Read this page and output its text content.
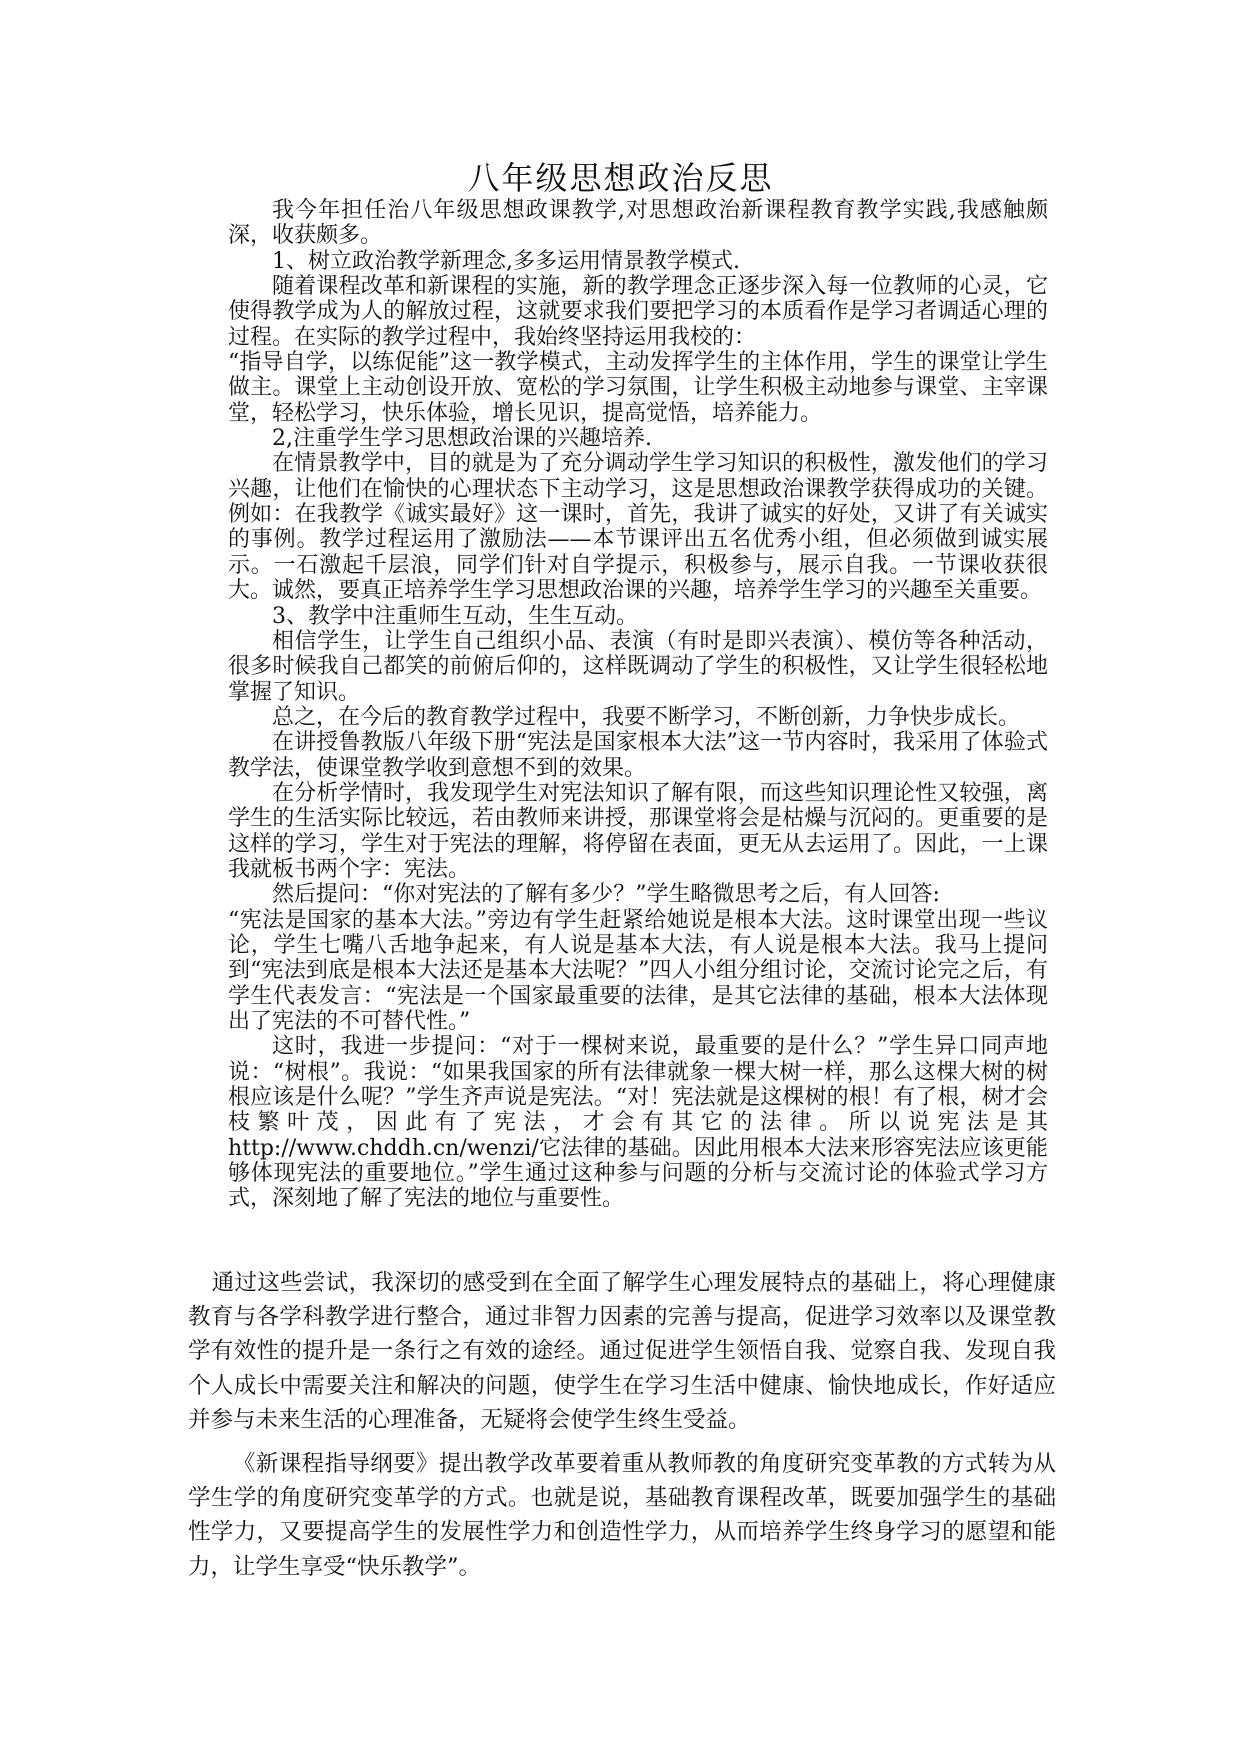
八年级思想政治反思

我今年担任治八年级思想政课教学,对思想政治新课程教育教学实践,我感触颇深，收获颇多。

1、树立政治教学新理念,多多运用情景教学模式.

随着课程改革和新课程的实施，新的教学理念正逐步深入每一位教师的心灵，它使得教学成为人的解放过程，这就要求我们要把学习的本质看作是学习者调适心理的过程。在实际的教学过程中，我始终坚持运用我校的：

“指导自学，以练促能”这一教学模式，主动发挥学生的主体作用，学生的课堂让学生做主。课堂上主动创设开放、宽松的学习氛围，让学生积极主动地参与课堂、主宰课堂，轻松学习，快乐体验，增长见识，提高觉悟，培养能力。

2,注重学生学习思想政治课的兴趣培养.

在情景教学中，目的就是为了充分调动学生学习知识的积极性，激发他们的学习兴趣，让他们在愉快的心理状态下主动学习，这是思想政治课教学获得成功的关键。例如：在我教学《诚实最好》这一课时，首先，我讲了诚实的好处，又讲了有关诚实的事例。教学过程运用了激励法——本节课评出五名优秀小组，但必须做到诚实展示。一石激起千层浪，同学们针对自学提示，积极参与，展示自我。一节课收获很大。诚然，要真正培养学生学习思想政治课的兴趣，培养学生学习的兴趣至关重要。

3、教学中注重师生互动，生生互动。

相信学生，让学生自己组织小品、表演（有时是即兴表演）、模仿等各种活动，很多时候我自己都笑的前俯后仰的，这样既调动了学生的积极性，又让学生很轻松地掌握了知识。

总之，在今后的教育教学过程中，我要不断学习，不断创新，力争快步成长。

在讲授鲁教版八年级下册“宪法是国家根本大法”这一节内容时，我采用了体验式教学法，使课堂教学收到意想不到的效果。

在分析学情时，我发现学生对宪法知识了解有限，而这些知识理论性又较强，离学生的生活实际比较远，若由教师来讲授，那课堂将会是枯燥与沉闷的。更重要的是这样的学习，学生对于宪法的理解，将停留在表面，更无从去运用了。因此，一上课我就板书两个字：宪法。

然后提问：“你对宪法的了解有多少？”学生略微思考之后，有人回答:

“宪法是国家的基本大法。”旁边有学生赶紧给她说是根本大法。这时课堂出现一些议论，学生七嘴八舌地争起来，有人说是基本大法，有人说是根本大法。我马上提问到“宪法到底是根本大法还是基本大法呢？”四人小组分组讨论，交流讨论完之后，有学生代表发言：“宪法是一个国家最重要的法律，是其它法律的基础，根本大法体现出了宪法的不可替代性。”

这时，我进一步提问：“对于一棵树来说，最重要的是什么？”学生异口同声地说：“树根”。我说：“如果我国家的所有法律就象一棵大树一样，那么这棵大树的树根应该是什么呢？”学生齐声说是宪法。“对！宪法就是这棵树的根！有了根，树才会枝繁叶茂，因此有了宪法，才会有其它的法律。所以说宪法是其 http://www.chddh.cn/wenzi/它法律的基础。因此用根本大法来形容宪法应该更能够体现宪法的重要地位。”学生通过这种参与问题的分析与交流讨论的体验式学习方式，深刻地了解了宪法的地位与重要性。

通过这些尝试，我深切的感受到在全面了解学生心理发展特点的基础上，将心理健康教育与各学科教学进行整合，通过非智力因素的完善与提高，促进学习效率以及课堂教学有效性的提升是一条行之有效的途经。通过促进学生领悟自我、觉察自我、发现自我个人成长中需要关注和解决的问题，使学生在学习生活中健康、愉快地成长，作好适应并参与未来生活的心理准备，无疑将会使学生终生受益。

《新课程指导纲要》提出教学改革要着重从教师教的角度研究变革教的方式转为从学生学的角度研究变革学的方式。也就是说，基础教育课程改革，既要加强学生的基础性学力，又要提高学生的发展性学力和创造性学力，从而培养学生终身学习的愿望和能力，让学生享受“快乐教学”。
